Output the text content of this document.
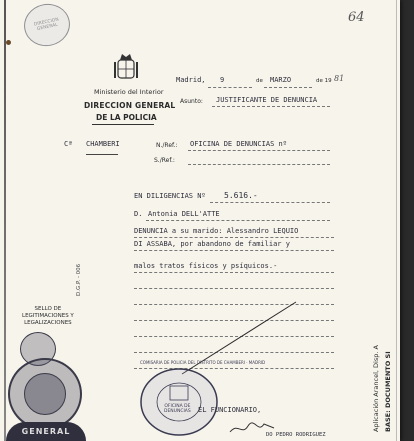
DIRECCION GENERAL
64
Ministerio del Interior
DIRECCION GENERAL
DE LA POLICIA
Madrid, 9	de MARZO	de 19 81
Asunto: JUSTIFICANTE DE DENUNCIA
Cª CHAMBERI	N./Ref.: OFICINA DE DENUNCIAS nº
S./Ref.:
EN DILIGENCIAS Nº 5.616.-
D. Antonia DELL'ATTE
DENUNCIA a su marido: Alessandro LEQUIO
DI ASSABA, por abandono de familiar y
malos tratos físicos y psíquicos.-
D.G.P. - 006
SELLO DE
LEGITIMACIONES Y
LEGALIZACIONES
GENERAL
OFICINA DE
DENUNCIAS
COMISARIA DE POLICIA DEL DISTRITO DE CHAMBERI · MADRID
EL FUNCIONARIO,
DO PEDRO RODRIGUEZ
Aplicación Arancel, Disp. A BASE: DOCUMENTO SI
